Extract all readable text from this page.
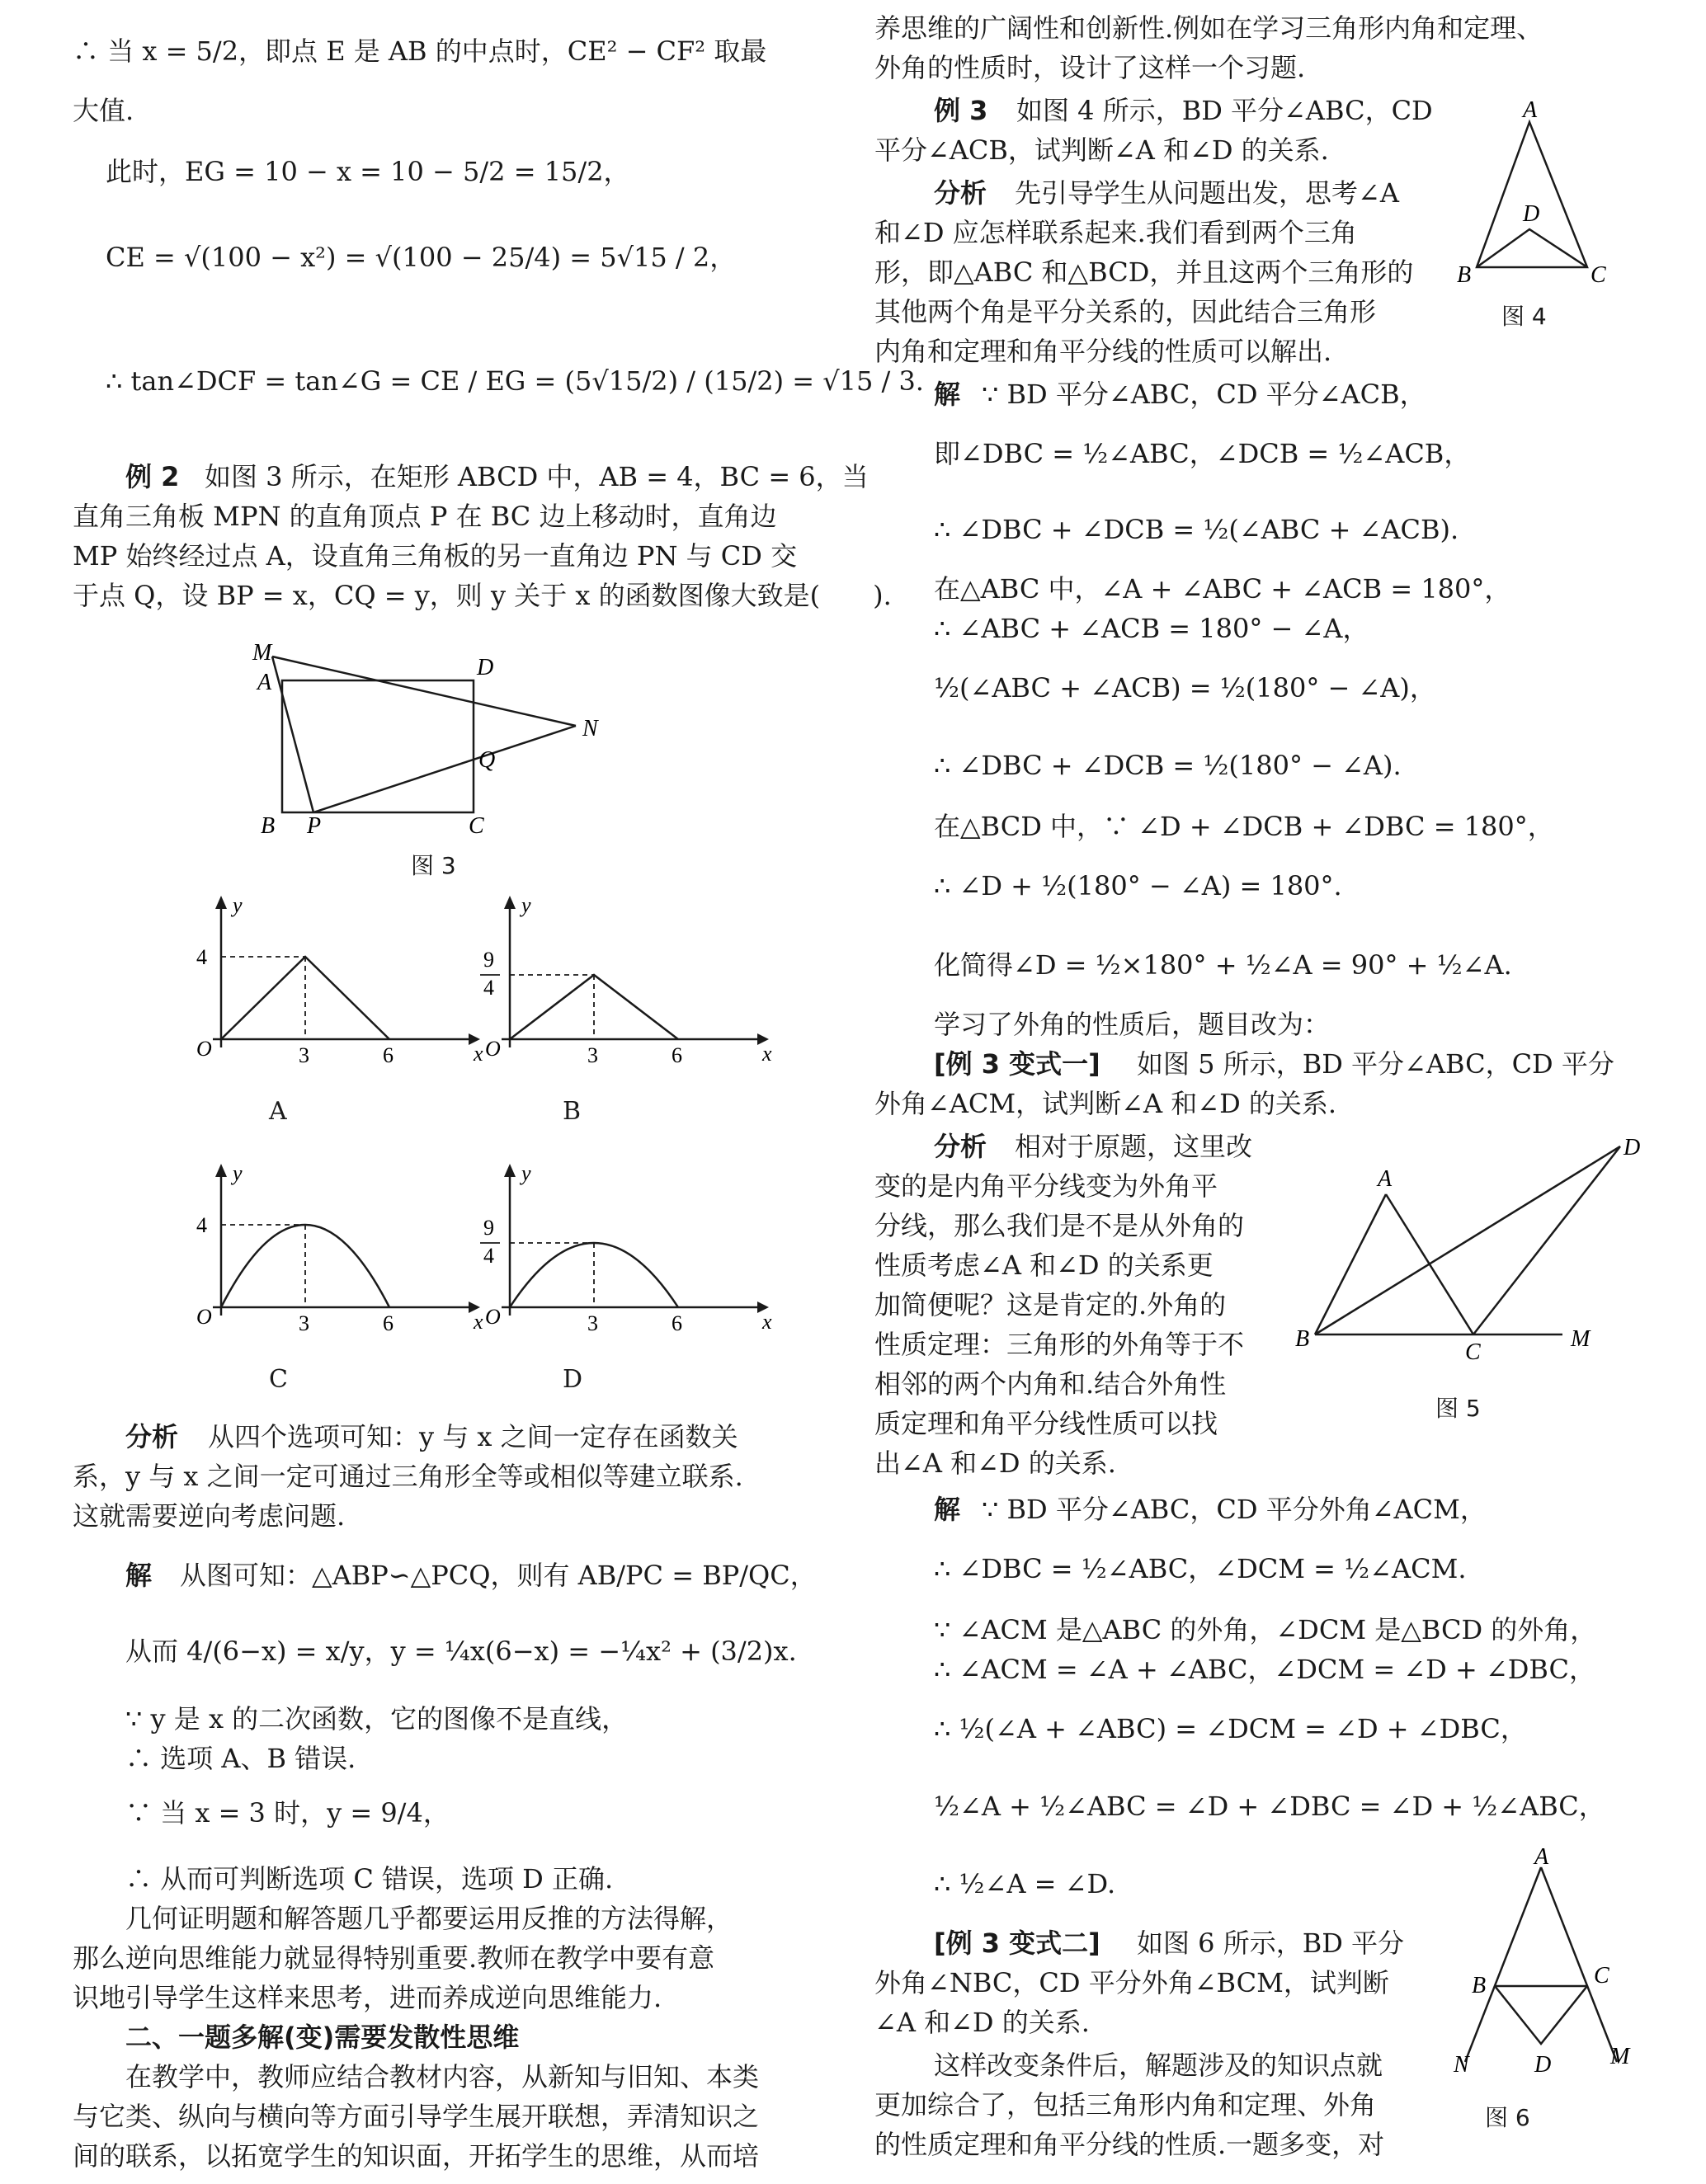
∴ 当 x = 5/2，即点 E 是 AB 的中点时，CE² − CF² 取最
大值.
此时，EG = 10 − x = 10 − 5/2 = 15/2，
CE = √(100 − x²) = √(100 − 25/4) = 5√15 / 2，
∴ tan∠DCF = tan∠G = CE / EG = (5√15/2) / (15/2) = √15 / 3.
例 2 如图 3 所示，在矩形 ABCD 中，AB = 4，BC = 6，当
直角三角板 MPN 的直角顶点 P 在 BC 边上移动时，直角边
MP 始终经过点 A，设直角三角板的另一直角边 PN 与 CD 交
于点 Q，设 BP = x，CQ = y，则 y 关于 x 的函数图像大致是(　　).
M
A
D
N
Q
B P	C
图 3
O
y
x
3	6
4
A
O
y
x
3	6
9
4
B
O
y
x
3	6
4
C
O
y
x
3	6
9
4
D
分析 从四个选项可知：y 与 x 之间一定存在函数关
系，y 与 x 之间一定可通过三角形全等或相似等建立联系.
这就需要逆向考虑问题.
解 从图可知：△ABP∽△PCQ，则有 AB/PC = BP/QC，
从而 4/(6−x) = x/y，y = ¼x(6−x) = −¼x² + (3/2)x.
∵ y 是 x 的二次函数，它的图像不是直线，
∴ 选项 A、B 错误.
∵ 当 x = 3 时，y = 9/4，
∴ 从而可判断选项 C 错误，选项 D 正确.
几何证明题和解答题几乎都要运用反推的方法得解，
那么逆向思维能力就显得特别重要.教师在教学中要有意
识地引导学生这样来思考，进而养成逆向思维能力.
二、一题多解(变)需要发散性思维
在教学中，教师应结合教材内容，从新知与旧知、本类
与它类、纵向与横向等方面引导学生展开联想，弄清知识之
间的联系，以拓宽学生的知识面，开拓学生的思维，从而培
养思维的广阔性和创新性.例如在学习三角形内角和定理、
外角的性质时，设计了这样一个习题.
例 3 如图 4 所示，BD 平分∠ABC，CD
平分∠ACB，试判断∠A 和∠D 的关系.
A
D
B	C
图 4
分析 先引导学生从问题出发，思考∠A
和∠D 应怎样联系起来.我们看到两个三角
形，即△ABC 和△BCD，并且这两个三角形的
其他两个角是平分关系的，因此结合三角形
内角和定理和角平分线的性质可以解出.
解 ∵ BD 平分∠ABC，CD 平分∠ACB，
即∠DBC = ½∠ABC，∠DCB = ½∠ACB，
∴ ∠DBC + ∠DCB = ½(∠ABC + ∠ACB).
在△ABC 中，∠A + ∠ABC + ∠ACB = 180°，
∴ ∠ABC + ∠ACB = 180° − ∠A，
½(∠ABC + ∠ACB) = ½(180° − ∠A)，
∴ ∠DBC + ∠DCB = ½(180° − ∠A).
在△BCD 中，∵ ∠D + ∠DCB + ∠DBC = 180°，
∴ ∠D + ½(180° − ∠A) = 180°.
化简得∠D = ½×180° + ½∠A = 90° + ½∠A.
学习了外角的性质后，题目改为：
[例 3 变式一] 如图 5 所示，BD 平分∠ABC，CD 平分
外角∠ACM，试判断∠A 和∠D 的关系.
分析 相对于原题，这里改
变的是内角平分线变为外角平
分线，那么我们是不是从外角的
性质考虑∠A 和∠D 的关系更
加简便呢？这是肯定的.外角的
性质定理：三角形的外角等于不
相邻的两个内角和.结合外角性
质定理和角平分线性质可以找
出∠A 和∠D 的关系.
A
D
B
C
M
图 5
解 ∵ BD 平分∠ABC，CD 平分外角∠ACM，
∴ ∠DBC = ½∠ABC，∠DCM = ½∠ACM.
∵ ∠ACM 是△ABC 的外角，∠DCM 是△BCD 的外角，
∴ ∠ACM = ∠A + ∠ABC，∠DCM = ∠D + ∠DBC，
∴ ½(∠A + ∠ABC) = ∠DCM = ∠D + ∠DBC，
½∠A + ½∠ABC = ∠D + ∠DBC = ∠D + ½∠ABC，
∴ ½∠A = ∠D.
[例 3 变式二] 如图 6 所示，BD 平分
外角∠NBC，CD 平分外角∠BCM，试判断
∠A 和∠D 的关系.
A
B	C
N	D	M
图 6
这样改变条件后，解题涉及的知识点就
更加综合了，包括三角形内角和定理、外角
的性质定理和角平分线的性质.一题多变，对
